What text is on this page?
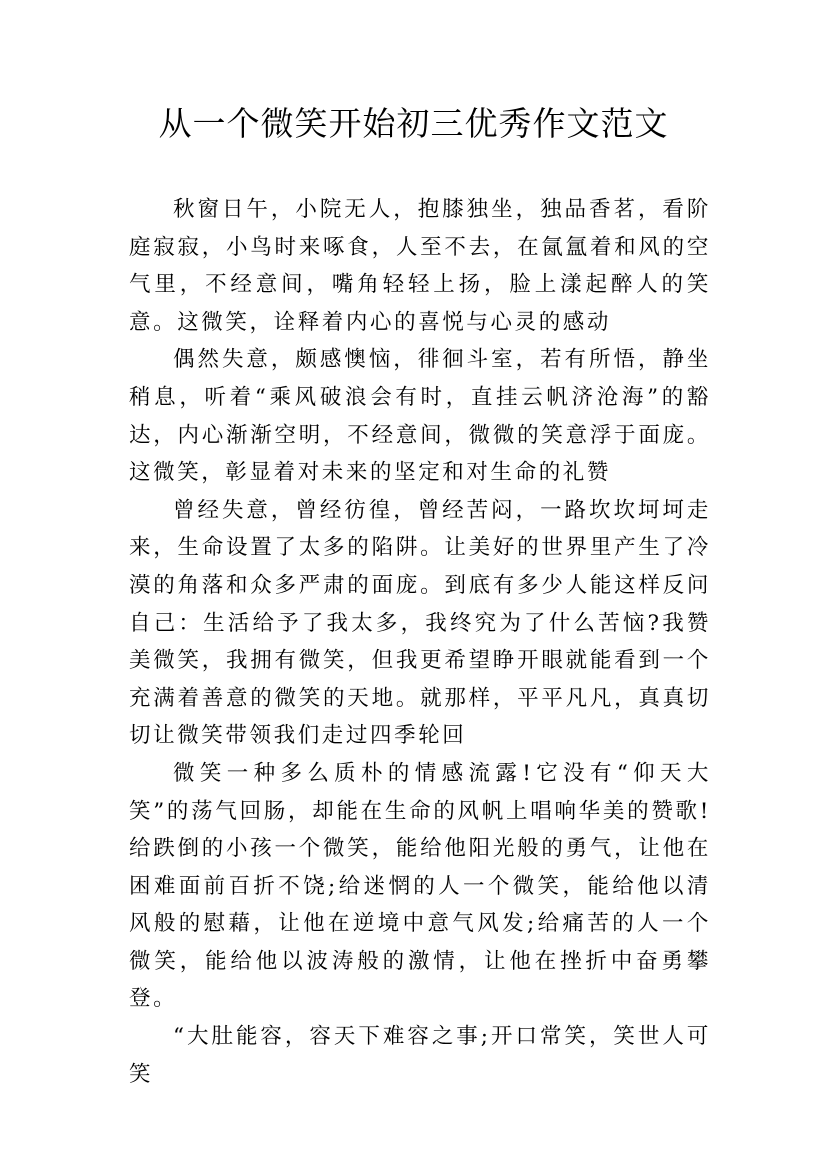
从一个微笑开始初三优秀作文范文

秋窗日午，小院无人，抱膝独坐，独品香茗，看阶庭寂寂，小鸟时来啄食，人至不去，在氤氲着和风的空气里，不经意间，嘴角轻轻上扬，脸上漾起醉人的笑意。这微笑，诠释着内心的喜悦与心灵的感动

偶然失意，颇感懊恼，徘徊斗室，若有所悟，静坐稍息，听着“乘风破浪会有时，直挂云帆济沧海”的豁达，内心渐渐空明，不经意间，微微的笑意浮于面庞。这微笑，彰显着对未来的坚定和对生命的礼赞

曾经失意，曾经彷徨，曾经苦闷，一路坎坎坷坷走来，生命设置了太多的陷阱。让美好的世界里产生了冷漠的角落和众多严肃的面庞。到底有多少人能这样反问自己：生活给予了我太多，我终究为了什么苦恼?我赞美微笑，我拥有微笑，但我更希望睁开眼就能看到一个充满着善意的微笑的天地。就那样，平平凡凡，真真切切让微笑带领我们走过四季轮回

微笑一种多么质朴的情感流露!它没有“仰天大笑”的荡气回肠，却能在生命的风帆上唱响华美的赞歌!给跌倒的小孩一个微笑，能给他阳光般的勇气，让他在困难面前百折不饶;给迷惘的人一个微笑，能给他以清风般的慰藉，让他在逆境中意气风发;给痛苦的人一个微笑，能给他以波涛般的激情，让他在挫折中奋勇攀登。

“大肚能容，容天下难容之事;开口常笑，笑世人可笑
